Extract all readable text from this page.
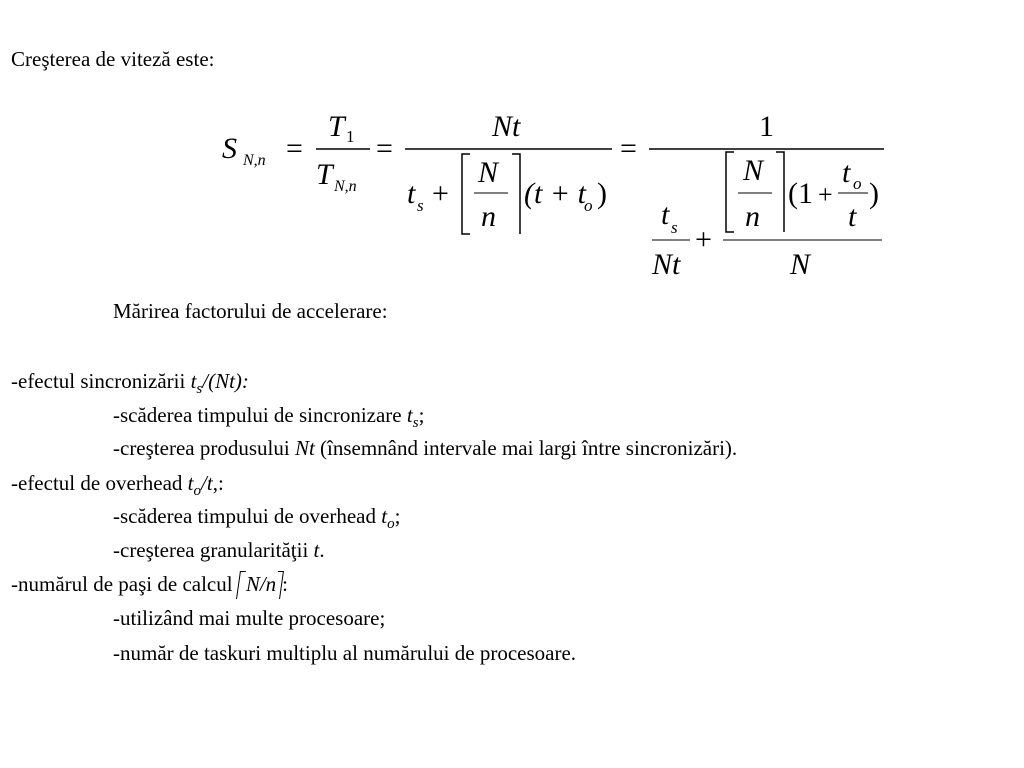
Creşterea de viteză este:
S N,n =
T 1
T N,n
=
Nt
t s +
N
n
(t + t
o )
=
1
t s
Nt
+
N
n
(1 +
t o
t
)
N
Mărirea factorului de accelerare:
-efectul sincronizării $t_s/(Nt)$:
-scăderea timpului de sincronizare $t_s$;
-creşterea produsului Nt (însemnând intervale mai largi între sincronizări).
-efectul de overhead $t_o/t$,:
-scăderea timpului de overhead $t_o$;
-creşterea granularităţii t.
-numărul de paşi de calcul
N/n :
-utilizând mai multe procesoare;
-număr de taskuri multiplu al numărului de procesoare.
